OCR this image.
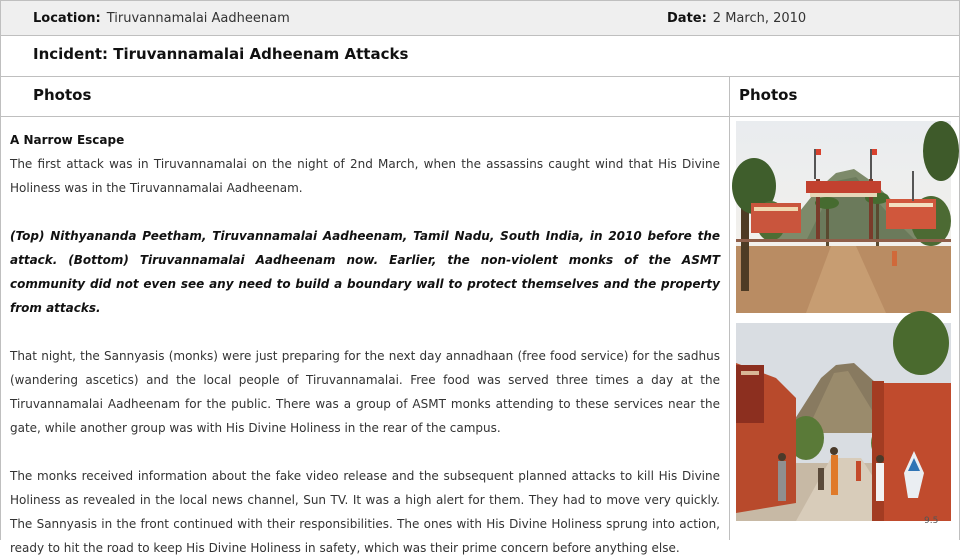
Location: Tiruvannamalai Aadheenam	Date: 2 March, 2010
Incident: Tiruvannamalai Adheenam Attacks
Photos	Photos

A Narrow Escape

The first attack was in Tiruvannamalai on the night of 2nd March, when the assassins caught wind that His Divine Holiness was in the Tiruvannamalai Aadheenam.

(Top) Nithyananda Peetham, Tiruvannamalai Aadheenam, Tamil Nadu, South India, in 2010 before the attack. (Bottom) Tiruvannamalai Aadheenam now. Earlier, the non-violent monks of the ASMT community did not even see any need to build a boundary wall to protect themselves and the property from attacks.

That night, the Sannyasis (monks) were just preparing for the next day annadhaan (free food service) for the sadhus (wandering ascetics) and the local people of Tiruvannamalai. Free food was served three times a day at the Tiruvannamalai Aadheenam for the public. There was a group of ASMT monks attending to these services near the gate, while another group was with His Divine Holiness in the rear of the campus.

The monks received information about the fake video release and the subsequent planned attacks to kill His Divine Holiness as revealed in the local news channel, Sun TV. It was a high alert for them. They had to move very quickly. The Sannyasis in the front continued with their responsibilities. The ones with His Divine Holiness sprung into action, ready to hit the road to keep His Divine Holiness in safety, which was their prime concern before anything else.

9.5
